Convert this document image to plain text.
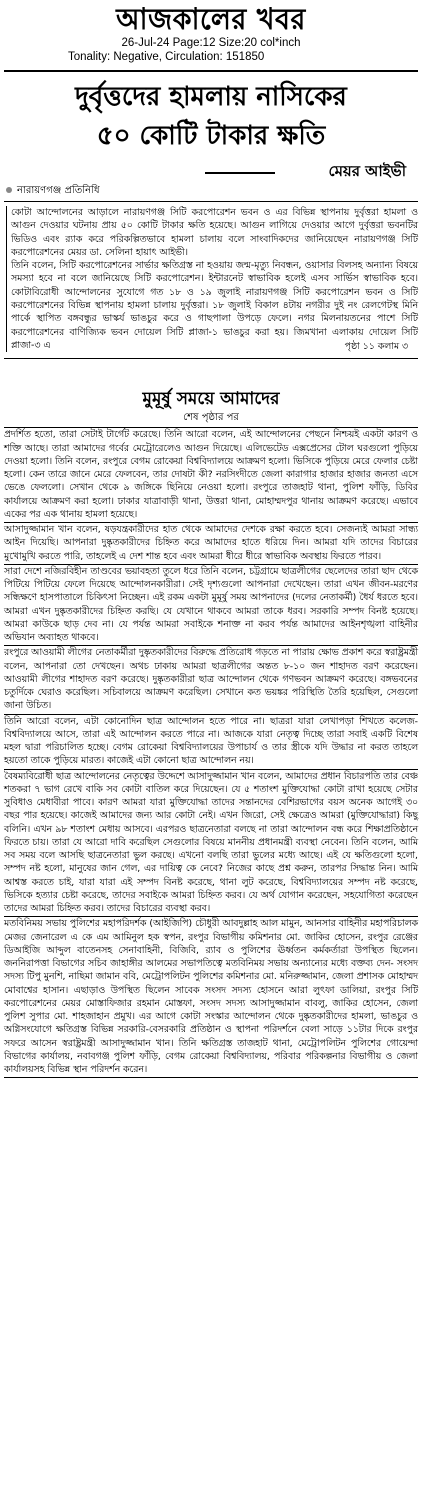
আজকালের খবর
26-Jul-24 Page:12 Size:20 col*inch
Tonality: Negative, Circulation: 151850
দুর্বৃত্তদের হামলায় নাসিকের
৫০ কোটি টাকার ক্ষতি
মেয়র আইভী
নারায়ণগঞ্জ প্রতিনিধি
কোটা আন্দোলনের আড়ালে নারায়ণগঞ্জ সিটি করপোরেশন ভবন ও এর বিভিন্ন স্থাপনায় দুর্বৃত্তরা হামলা ও আগুন দেওয়ার ঘটনায় প্রায় ৫০ কোটি টাকার ক্ষতি হয়েছে। আগুন লাগিয়ে দেওয়ার আগে দুর্বৃত্তরা ভবনটির ভিডিও এবং র‍্যাক করে পরিকল্পিতভাবে হামলা চালায় বলে সাংবাদিকদের জানিয়েছেন নারায়ণগঞ্জ সিটি করপোরেশনের মেয়র ডা. সেলিনা হায়াৎ আইভী।
তিনি বলেন, সিটি করপোরেশনের সার্ভার ক্ষতিগ্রস্ত না হওয়ায় জন্ম-মৃত্যু নিবন্ধন, ওয়াসার বিলসহ অন্যান্য বিষয়ে সমস্যা হবে না বলে জানিয়েছে সিটি করপোরেশন। ইন্টারনেট স্বাভাবিক হলেই এসব সার্ভিস স্বাভাবিক হবে। কোটাবিরোধী আন্দোলনের সুযোগে গত ১৮ ও ১৯ জুলাই নারায়ণগঞ্জ সিটি করপোরেশন ভবন ও সিটি করপোরেশনের বিভিন্ন স্থাপনায় হামলা চালায় দুর্বৃত্তরা। ১৮ জুলাই বিকাল ৪টায় নগরীর দুই নং রেলগেটস্থ মিনি পার্কে স্থাপিত বঙ্গবন্ধুর ভাস্কর্য ভাঙচুর করে ও গাছপালা উপড়ে ফেলে। নগর মিলনায়তনের পাশে সিটি করপোরেশনের বাণিজ্যিক ভবন দোয়েল সিটি প্লাজা-১ ভাঙচুর করা হয়। জিমখানা এলাকায় দোয়েল সিটি প্লাজা-৩ এ	পৃষ্ঠা ১১ কলাম ৩
মুমূর্ষু সময়ে আমাদের
শেষ পৃষ্ঠার পর
প্রদর্শিত হতো, তারা সেটাই টার্গেট করেছে। তিনি আরো বলেন, এই আন্দোলনের পেছনে নিশ্চয়ই একটা কারণ ও শক্তি আছে। তারা আমাদের গর্বের মেট্রোরেলেও আগুন দিয়েছে। এলিভেটেড এক্সপ্রেসের টোল ঘরগুলো পুড়িয়ে দেওয়া হলো। তিনি বলেন, রংপুরে বেগম রোকেয়া বিশ্ববিদ্যালয়ে আক্রমণ হলো। ভিসিকে পুড়িয়ে মেরে ফেলার চেষ্টা হলো। কেন তারে জানে মেরে ফেলবেন, তার দোষটা কী? নরসিংদীতে জেলা কারাগার হাজার হাজার জনতা এসে ভেঙে ফেললো। সেখান থেকে ৯ জঙ্গিকে ছিনিয়ে নেওয়া হলো। রংপুরে তাজহাট থানা, পুলিশ ফাঁড়ি, ডিবির কার্যালয়ে আক্রমণ করা হলো। ঢাকার যাত্রাবাড়ী থানা, উত্তরা থানা, মোহাম্মদপুর থানায় আক্রমণ করেছে। এভাবে একের পর এক থানায় হামলা হয়েছে।
আসাদুজ্জামান খান বলেন, ষড়যন্ত্রকারীদের হাত থেকে আমাদের দেশকে রক্ষা করতে হবে। সেজন্যই আমরা সান্ধ্য আইন দিয়েছি। আপনারা দুষ্কৃতকারীদের চিহ্নিত করে আমাদের হাতে ধরিয়ে দিন। আমরা যদি তাদের বিচারের মুখোমুখি করতে পারি, তাহলেই এ দেশ শান্ত হবে এবং আমরা ধীরে ধীরে স্বাভাবিক অবস্থায় ফিরতে পারব।
সারা দেশে নজিরবিহীন তাণ্ডবের ভয়াবহতা তুলে ধরে তিনি বলেন, চট্টগ্রামে ছাত্রলীগের ছেলেদের তারা ছাদ থেকে পিটিয়ে পিটিয়ে ফেলে দিয়েছে আন্দোলনকারীরা। সেই দৃশ্যগুলো আপনারা দেখেছেন। তারা এখন জীবন-মরণের সন্ধিক্ষণে হাসপাতালে চিকিৎসা নিচ্ছেন। এই রকম একটা মুমূর্ষু সময় আপনাদের (দলের নেতাকর্মী) ধৈর্য ধরতে হবে। আমরা এখন দুষ্কৃতকারীদের চিহ্নিত করছি। যে যেখানে থাকবে আমরা তাকে ধরব। সরকারি সম্পদ বিনষ্ট হয়েছে। আমরা কাউকে ছাড় দেব না। যে পর্যন্ত আমরা সবাইকে শনাক্ত না করব পর্যন্ত আমাদের আইনশৃঙ্খলা বাহিনীর অভিযান অব্যাহত থাকবে।
রংপুরে আওয়ামী লীগের নেতাকর্মীরা দুষ্কৃতকারীদের বিরুদ্ধে প্রতিরোধ গড়তে না পারায় ক্ষোভ প্রকাশ করে স্বরাষ্ট্রমন্ত্রী বলেন, আপনারা তো দেখছেন। অথচ ঢাকায় আমরা ছাত্রলীগের অন্তত ৮-১০ জন শাহাদত বরণ করেছেন। আওয়ামী লীগের শাহাদত বরণ করেছে। দুষ্কৃতকারীরা ছাত্র আন্দোলন থেকে গণভবন আক্রমণ করেছে। বঙ্গভবনের চতুর্দিকে ঘেরাও করেছিল। সচিবালয়ে আক্রমণ করেছিল। সেখানে কত ভয়ঙ্কর পরিস্থিতি তৈরি হয়েছিল, সেগুলো জানা উচিত।
তিনি আরো বলেন, এটা কোনোদিন ছাত্র আন্দোলন হতে পারে না। ছাত্ররা যারা লেখাপড়া শিখতে কলেজ-বিশ্ববিদ্যালয়ে আসে, তারা এই আন্দোলন করতে পারে না। আজকে যারা নেতৃত্ব দিচ্ছে তারা সবাই একটি বিশেষ মহল দ্বারা পরিচালিত হচ্ছে। বেগম রোকেয়া বিশ্ববিদ্যালয়ের উপাচার্য ও তার স্ত্রীকে যদি উদ্ধার না করত তাহলে হয়তো তাকে পুড়িয়ে মারত। কাজেই এটা কোনো ছাত্র আন্দোলন নয়।
বৈষম্যবিরোধী ছাত্র আন্দোলনের নেতৃত্বের উদ্দেশে আসাদুজ্জামান খান বলেন, আমাদের প্রধান বিচারপতি তার বেঞ্চ শতকরা ৭ ভাগ রেখে বাকি সব কোটা বাতিল করে দিয়েছেন। যে ৫ শতাংশ মুক্তিযোদ্ধা কোটা রাখা হয়েছে সেটার সুবিধাও মেধাবীরা পাবে। কারণ আমরা যারা মুক্তিযোদ্ধা তাদের সন্তানদের বেশিরভাগের বয়স অনেক আগেই ৩০ বছর পার হয়েছে। কাজেই আমাদের জন্য আর কোটা নেই। এখন জিরো, সেই ক্ষেত্রেও আমরা (মুক্তিযোদ্ধারা) কিছু বলিনি। এখন ৯৮ শতাংশ মেধায় আসবে। এরপরও ছাত্রনেতারা বলছে না তারা আন্দোলন বন্ধ করে শিক্ষাপ্রতিষ্ঠানে ফিরতে চায়। তারা যে আরো দাবি করেছিল সেগুলোর বিষয়ে মাননীয় প্রধানমন্ত্রী ব্যবস্থা নেবেন। তিনি বলেন, আমি সব সময় বলে আসছি ছাত্রনেতারা ভুল করছে। এখনো বলছি তারা ভুলের মধ্যে আছে। এই যে ক্ষতিগুলো হলো, সম্পদ নষ্ট হলো, মানুষের জান গেল, এর দায়িত্ব কে নেবে? নিজের কাছে প্রশ্ন করুন, তারপর সিদ্ধান্ত নিন। আমি আশ্বস্ত করতে চাই, যারা যারা এই সম্পদ বিনষ্ট করেছে, থানা লুট করেছে, বিশ্ববিদ্যালয়ের সম্পদ নষ্ট করেছে, ভিসিকে হত্যার চেষ্টা করেছে, তাদের সবাইকে আমরা চিহ্নিত করব। যে অর্থ যোগান করেছেন, সহযোগিতা করেছেন তাদের আমরা চিহ্নিত করব। তাদের বিচারের ব্যবস্থা করব।
মতবিনিময় সভায় পুলিশের মহাপরিদর্শক (আইজিপি) চৌধুরী আবদুল্লাহ আল মামুন, আনসার বাহিনীর মহাপরিচালক মেজর জেনারেল এ কে এম আমিনুল হক স্বপন, রংপুর বিভাগীয় কমিশনার মো. জাকির হোসেন, রংপুর রেঞ্জের ডিআইজি আব্দুল বাতেনসহ সেনাবাহিনী, বিজিবি, র‍্যাব ও পুলিশের ঊর্ধ্বতন কর্মকর্তারা উপস্থিত ছিলেন। জননিরাপত্তা বিভাগের সচিব জাহাঙ্গীর আলমের সভাপতিত্বে মতবিনিময় সভায় অন্যান্যের মধ্যে বক্তব্য দেন- সংসদ সদস্য টিপু মুনশি, নাছিমা জামান ববি, মেট্রোপলিটন পুলিশের কমিশনার মো. মনিরুজ্জামান, জেলা প্রশাসক মোহাম্মদ মোবাশ্বের হাসান। এছাড়াও উপস্থিত ছিলেন সাবেক সংসদ সদস্য হোসনে আরা লুৎফা ডালিয়া, রংপুর সিটি করপোরেশনের মেয়র মোস্তাফিজার রহমান মোস্তফা, সংসদ সদস্য আসাদুজ্জামান বাবলু, জাকির হোসেন, জেলা পুলিশ সুপার মো. শাহজাহান প্রমুখ। এর আগে কোটা সংস্কার আন্দোলন থেকে দুষ্কৃতকারীদের হামলা, ভাঙচুর ও অগ্নিসংযোগে ক্ষতিগ্রস্ত বিভিন্ন সরকারি-বেসরকারি প্রতিষ্ঠান ও স্থাপনা পরিদর্শনে বেলা সাড়ে ১১টার দিকে রংপুর সফরে আসেন স্বরাষ্ট্রমন্ত্রী আসাদুজ্জামান খান। তিনি ক্ষতিগ্রস্ত তাজহাট থানা, মেট্রোপলিটন পুলিশের গোয়েন্দা বিভাগের কার্যালয়, নবাবগঞ্জ পুলিশ ফাঁড়ি, বেগম রোকেয়া বিশ্ববিদ্যালয়, পরিবার পরিকল্পনার বিভাগীয় ও জেলা কার্যালয়সহ বিভিন্ন স্থান পরিদর্শন করেন।
